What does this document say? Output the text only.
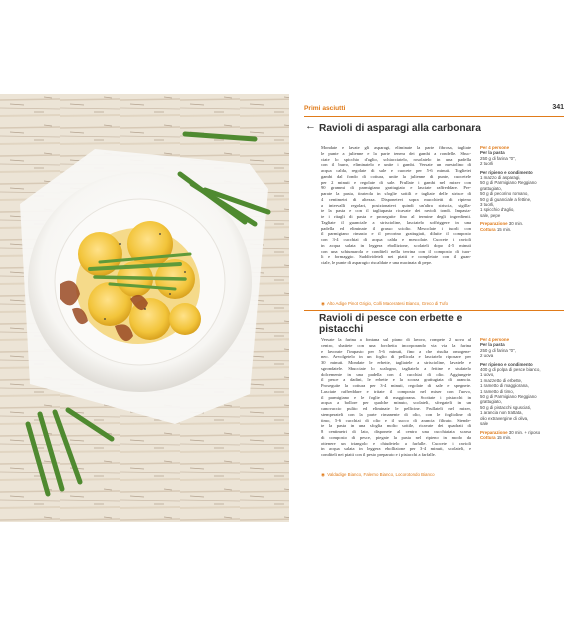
Primi asciutti	341
← Ravioli di asparagi alla carbonara
Mondate e lavate gli asparagi, eliminate la parte fibrosa, tagliate
le punte a julienne e la parte tenera dei gambi a rondelle. Sbuc-
ciate lo spicchio d'aglio, schiacciatelo, rosolatelo in una padella
con il burro, eliminatelo e unite i gambi. Versate un mestolino di
acqua calda, regolate di sale e cuocete per 5-6 minuti. Toglietei
gambi dal fondo di cottura, unite la julienne di punte, cuocetele
per 2 minuti e regolate di sale. Frullate i gambi nel mixer con
90 grammi di parmigiano grattugiato e lasciate raffreddare. Pre-
parate la pasta, tirateola in sfoglie sottili e tagliate delle strisce di
4 centimetri di altezza. Disponetevi sopra mucchietti di ripieno
a intervalli regolari, posizionatevi quindi un'altra striscia, sigilla-
te la pasta e con il tagliapasta ricavate dei ravioli tondi. Impasta-
te i ritagli di pasta e proseguite fino al termine degli ingredienti.
Tagliate il guanciale a striscioline, lasciatelo soffriggere in una
padella ed eliminate il grasso sciolto. Mescolate i tuorli con
il parmigiano rimasto e il pecorino grattugiati, diluite il composto
con 3-4 cucchiai di acqua calda e mescolate. Cuocete i ravioli
in acqua salata in leggera ebollizione, scolateli dopo 4-5 minuti
con una schiumarola e conditeli nella terrina con il composto di tuor-
li e formaggio. Suddivideteli nei piatti e completate con il guan-
ciale, le punte di asparagio riscaldate e una macinata di pepe.
◉ Alto Adige Pinot Grigio, Colli Maceratesi Bianco, Greco di Tufo
Per 4 persone
Per la pasta
250 g di farina "0",
2 tuorli
Per ripieno e condimento
1 mazzo di asparagi,
50 g di Parmigiano Reggiano
grattugiato,
50 g di pecorino romano,
50 g di guanciale a fettine,
3 tuorli,
1 spicchio d'aglio,
sale, pepe
Preparazione 30 min.
Cottura 15 min.
Ravioli di pesce con erbette e pistacchi
Versate la farina a fontana sul piano di lavoro, rompete 2 uova al
centro, sbattete con una forchetta incorporando via via la farina
e lavorate l'impasto per 5-6 minuti, fino a che risulta omogene-
neo. Avvolgetelo in un foglio di pellicola e lasciatelo riposare per
30 minuti. Mondate le erbette, tagliatele a striscioline, lavatele e
sgrondatele. Sbucciate lo scalogno, tagliatelo a fettine e stufatelo
dolcemente in una padella con 4 cucchiai di olio. Aggiungete
il pesce a dadini, le erbette e la scorza grattugiata di arancia.
Proseguite la cottura per 3-4 minuti, regolate di sale e spegnete.
Lasciate raffreddare e tritate il composto nel mixer con l'uovo,
il parmigiano e le foglie di maggiorana. Scottate i pistacchi in
acqua a bollore per qualche minuto, scolateli, sfregateli in un
canovaccio pulito ed eliminate le pellicine. Frullateli nel mixer,
stemperateli con la parte rimanente di olio, con le foglioline di
timo, 5-6 cucchiai di olio e il succo di arancia filtrato. Stende-
te la pasta in una sfoglia molto sottile, ricavate dei quadrati di
8 centimetri di lato, disponete al centro una cucchiaiata scarsa
di composto di pesce, piegate la pasta nel ripieno in modo da
ottenere un triangolo e chiudetelo a farfalle. Cuocete i ravioli
in acqua salata in leggera ebollizione per 3-4 minuti, scolateli, e
conditeli nei piatti con il pesto preparato e i pistacchi a farfalle.
◉ Valdadige Bianco, Falerno Bianco, Locorotondo Bianco
Per 4 persone
Per la pasta
250 g di farina "0",
2 uova
Per ripieno e condimento
400 g di polpa di pesce bianco,
1 uovo,
1 mazzetto di erbette,
1 rametto di maggiorana,
1 rametto di timo,
50 g di Parmigiano Reggiano
grattugiato,
50 g di pistacchi sgusciati,
1 arancia non trattata,
olio extravergine di oliva,
sale
Preparazione 30 min. + riposo
Cottura 15 min.
